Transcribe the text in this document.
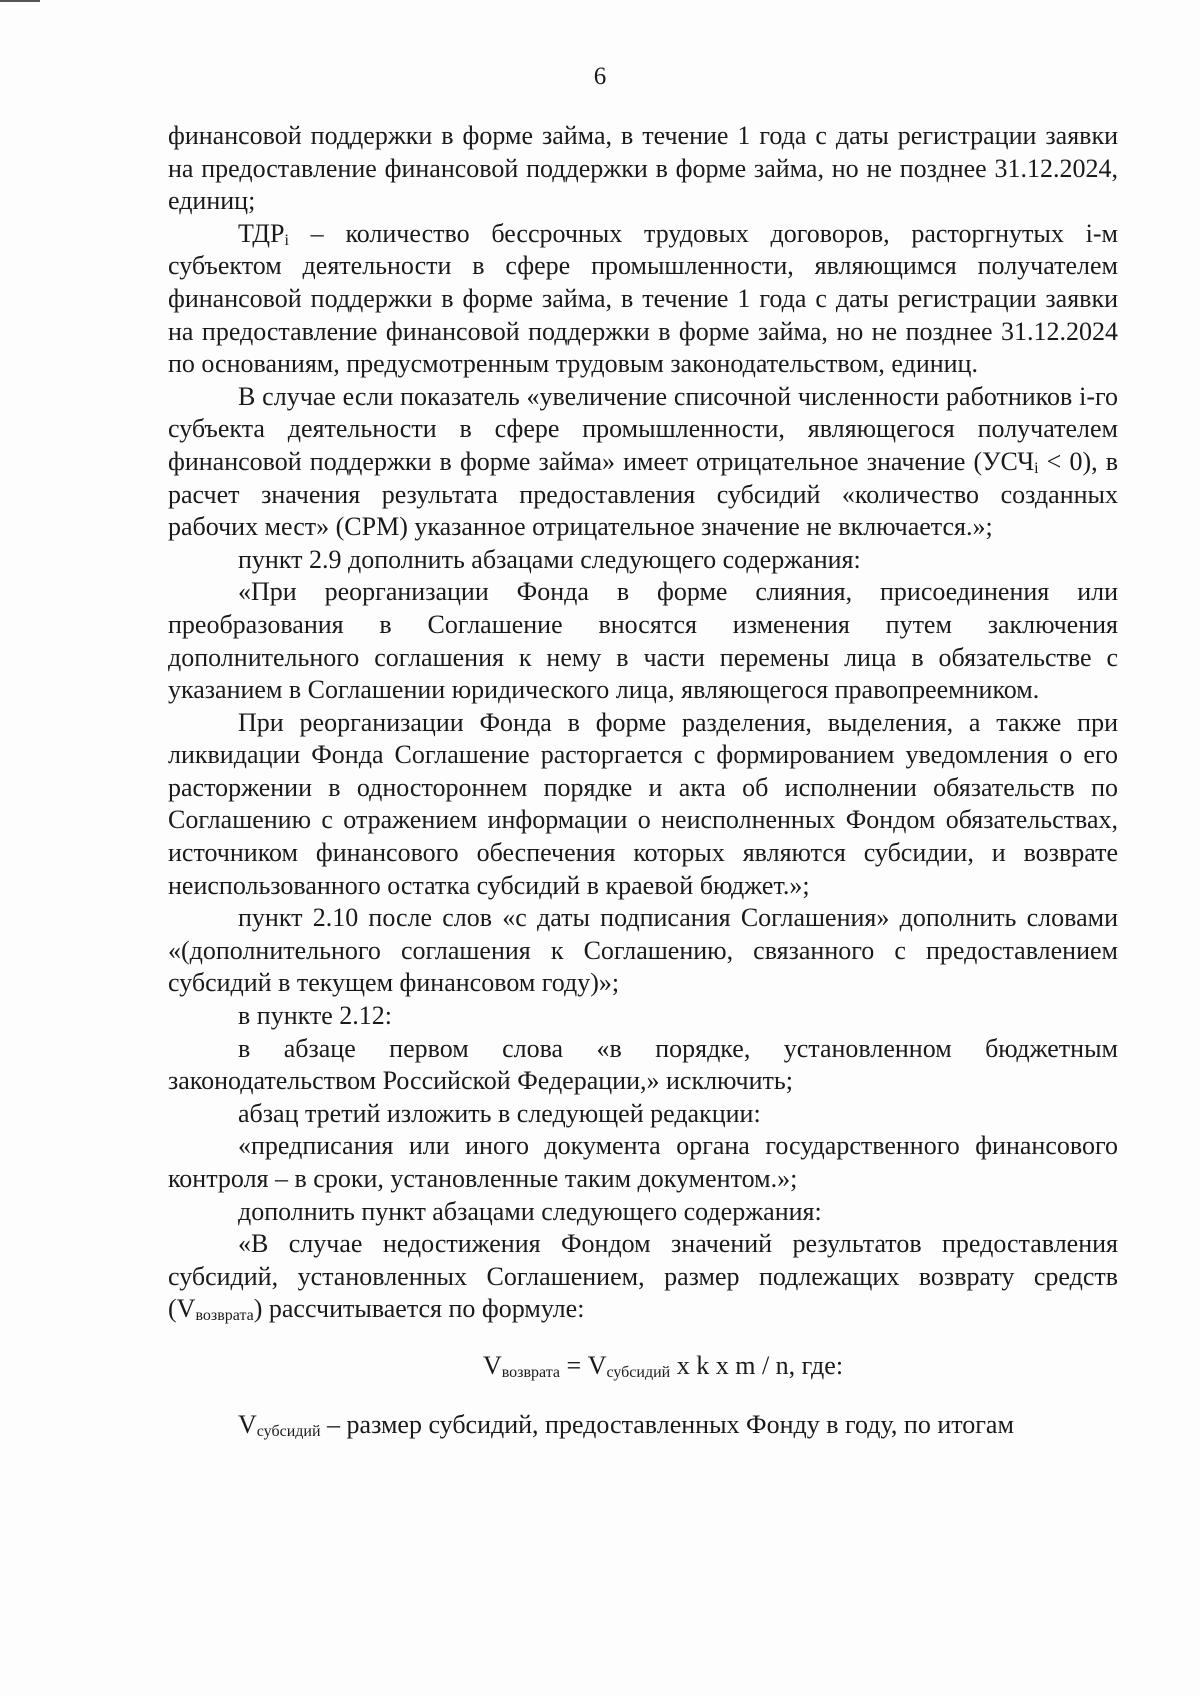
6

финансовой поддержки в форме займа, в течение 1 года с даты регистрации заявки на предоставление финансовой поддержки в форме займа, но не позднее 31.12.2024, единиц;

$ТДР_i$ – количество бессрочных трудовых договоров, расторгнутых i-м субъектом деятельности в сфере промышленности, являющимся получателем финансовой поддержки в форме займа, в течение 1 года с даты регистрации заявки на предоставление финансовой поддержки в форме займа, но не позднее 31.12.2024 по основаниям, предусмотренным трудовым законодательством, единиц.

В случае если показатель «увеличение списочной численности работников i-го субъекта деятельности в сфере промышленности, являющегося получателем финансовой поддержки в форме займа» имеет отрицательное значение $(УСЧ_i < 0)$, в расчет значения результата предоставления субсидий «количество созданных рабочих мест» (СРМ) указанное отрицательное значение не включается.»;

пункт 2.9 дополнить абзацами следующего содержания:

«При реорганизации Фонда в форме слияния, присоединения или преобразования в Соглашение вносятся изменения путем заключения дополнительного соглашения к нему в части перемены лица в обязательстве с указанием в Соглашении юридического лица, являющегося правопреемником.

При реорганизации Фонда в форме разделения, выделения, а также при ликвидации Фонда Соглашение расторгается с формированием уведомления о его расторжении в одностороннем порядке и акта об исполнении обязательств по Соглашению с отражением информации о неисполненных Фондом обязательствах, источником финансового обеспечения которых являются субсидии, и возврате неиспользованного остатка субсидий в краевой бюджет.»;

пункт 2.10 после слов «с даты подписания Соглашения» дополнить словами «(дополнительного соглашения к Соглашению, связанного с предоставлением субсидий в текущем финансовом году)»;

в пункте 2.12:

в абзаце первом слова «в порядке, установленном бюджетным законодательством Российской Федерации,» исключить;

абзац третий изложить в следующей редакции:

«предписания или иного документа органа государственного финансового контроля – в сроки, установленные таким документом.»;

дополнить пункт абзацами следующего содержания:

«В случае недостижения Фондом значений результатов предоставления субсидий, установленных Соглашением, размер подлежащих возврату средств $(V_{возврата})$ рассчитывается по формуле:

$V_{возврата} = V_{субсидий}$ x k x m / n, где:

$V_{субсидий}$ – размер субсидий, предоставленных Фонду в году, по итогам
